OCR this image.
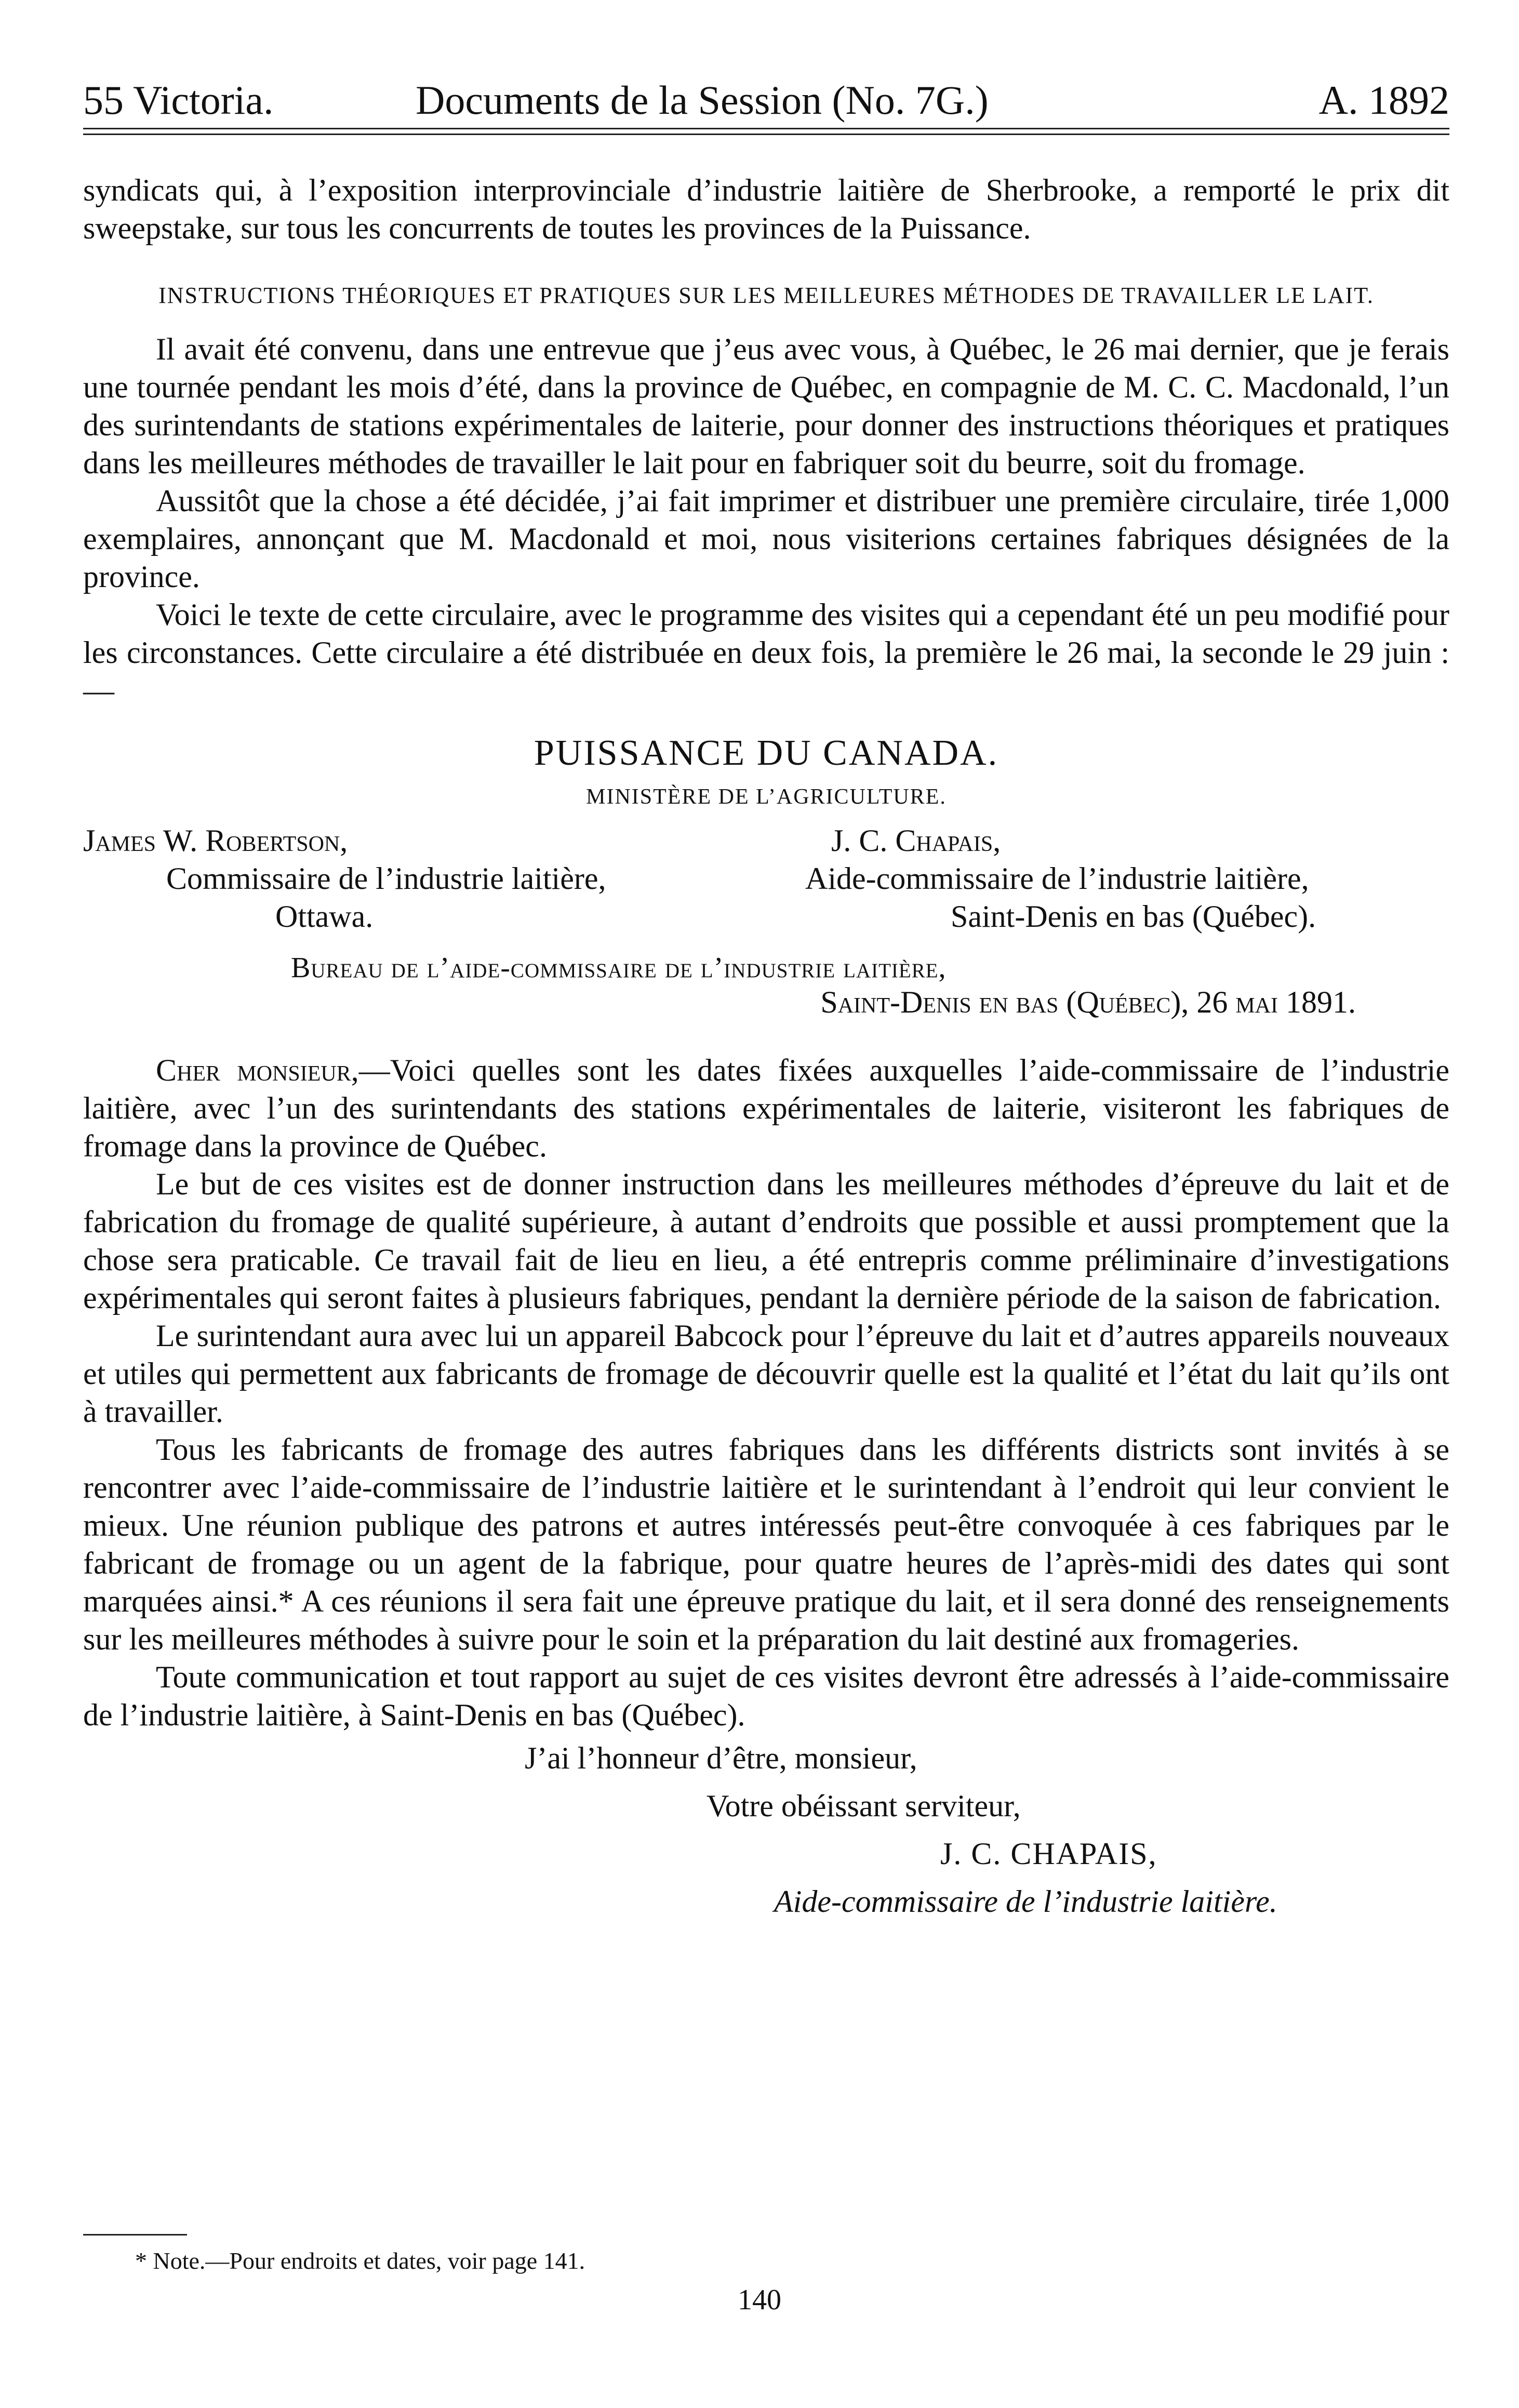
55 Victoria.	Documents de la Session (No. 7G.)	A. 1892

syndicats qui, à l’exposition interprovinciale d’industrie laitière de Sherbrooke, a remporté le prix dit sweepstake, sur tous les concurrents de toutes les provinces de la Puissance.

INSTRUCTIONS THÉORIQUES ET PRATIQUES SUR LES MEILLEURES MÉTHODES DE TRAVAILLER LE LAIT.

Il avait été convenu, dans une entrevue que j’eus avec vous, à Québec, le 26 mai dernier, que je ferais une tournée pendant les mois d’été, dans la province de Québec, en compagnie de M. C. C. Macdonald, l’un des surintendants de stations expérimentales de laiterie, pour donner des instructions théoriques et pratiques dans les meilleures méthodes de travailler le lait pour en fabriquer soit du beurre, soit du fromage.

Aussitôt que la chose a été décidée, j’ai fait imprimer et distribuer une première circulaire, tirée 1,000 exemplaires, annonçant que M. Macdonald et moi, nous visiterions certaines fabriques désignées de la province.

Voici le texte de cette circulaire, avec le programme des visites qui a cependant été un peu modifié pour les circonstances. Cette circulaire a été distribuée en deux fois, la première le 26 mai, la seconde le 29 juin :—

PUISSANCE DU CANADA.
MINISTÈRE DE L’AGRICULTURE.
James W. Robertson,
Commissaire de l’industrie laitière,
Ottawa.
J. C. Chapais,
Aide-commissaire de l’industrie laitière,
Saint-Denis en bas (Québec).
Bureau de l’aide-commissaire de l’industrie laitière,
Saint-Denis en bas (Québec), 26 mai 1891.

Cher monsieur,—Voici quelles sont les dates fixées auxquelles l’aide-commissaire de l’industrie laitière, avec l’un des surintendants des stations expérimentales de laiterie, visiteront les fabriques de fromage dans la province de Québec.

Le but de ces visites est de donner instruction dans les meilleures méthodes d’épreuve du lait et de fabrication du fromage de qualité supérieure, à autant d’endroits que possible et aussi promptement que la chose sera praticable. Ce travail fait de lieu en lieu, a été entrepris comme préliminaire d’investigations expérimentales qui seront faites à plusieurs fabriques, pendant la dernière période de la saison de fabrication.

Le surintendant aura avec lui un appareil Babcock pour l’épreuve du lait et d’autres appareils nouveaux et utiles qui permettent aux fabricants de fromage de découvrir quelle est la qualité et l’état du lait qu’ils ont à travailler.

Tous les fabricants de fromage des autres fabriques dans les différents districts sont invités à se rencontrer avec l’aide-commissaire de l’industrie laitière et le surintendant à l’endroit qui leur convient le mieux. Une réunion publique des patrons et autres intéressés peut-être convoquée à ces fabriques par le fabricant de fromage ou un agent de la fabrique, pour quatre heures de l’après-midi des dates qui sont marquées ainsi.* A ces réunions il sera fait une épreuve pratique du lait, et il sera donné des renseignements sur les meilleures méthodes à suivre pour le soin et la préparation du lait destiné aux fromageries.

Toute communication et tout rapport au sujet de ces visites devront être adressés à l’aide-commissaire de l’industrie laitière, à Saint-Denis en bas (Québec).

J’ai l’honneur d’être, monsieur,
Votre obéissant serviteur,
J. C. CHAPAIS,
Aide-commissaire de l’industrie laitière.
* Note.—Pour endroits et dates, voir page 141.
140
